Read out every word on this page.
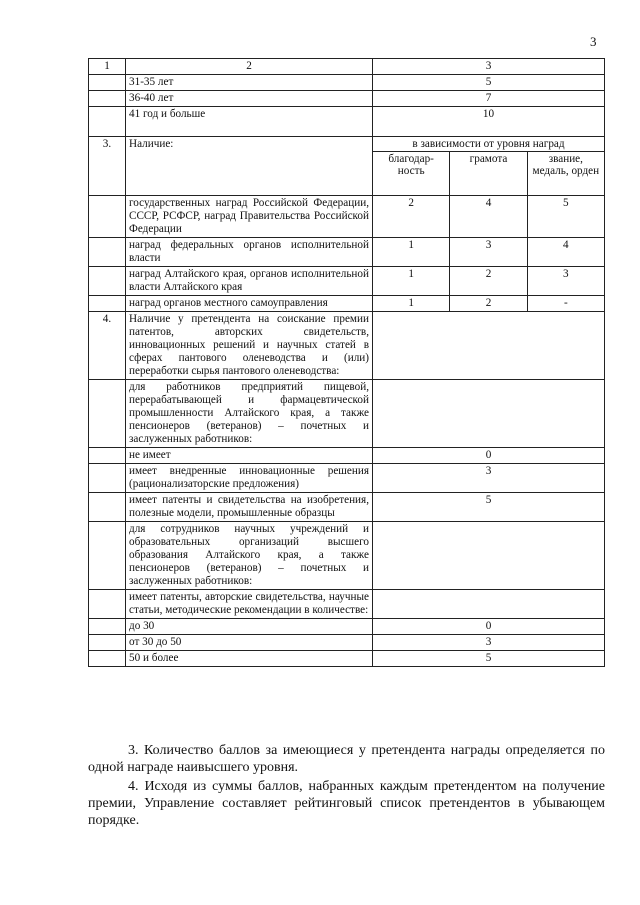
3
1	2	3		
	31-35 лет	5		
	36-40 лет	7		
	41 год и больше	10		
3.	Наличие:	в зависимости от уровня наград		
		благодар-ность	грамота	звание, медаль, орден
	государственных наград Российской Федерации, СССР, РСФСР, наград Правительства Российской Федерации	2	4	5
	наград федеральных органов исполнительной власти	1	3	4
	наград Алтайского края, органов исполнительной власти Алтайского края	1	2	3
	наград органов местного самоуправления	1	2	-
4.	Наличие у претендента на соискание премии патентов, авторских свидетельств, инновационных решений и научных статей в сферах пантового оленеводства и (или) переработки сырья пантового оленеводства:			
	для работников предприятий пищевой, перерабатывающей и фармацевтической промышленности Алтайского края, а также пенсионеров (ветеранов) – почетных и заслуженных работников:			
	не имеет	0		
	имеет внедренные инновационные решения (рационализаторские предложения)	3		
	имеет патенты и свидетельства на изобретения, полезные модели, промышленные образцы	5		
	для сотрудников научных учреждений и образовательных организаций высшего образования Алтайского края, а также пенсионеров (ветеранов) – почетных и заслуженных работников:			
	имеет патенты, авторские свидетельства, научные статьи, методические рекомендации в количестве:			
	до 30	0		
	от 30 до 50	3		
	50 и более	5		

3. Количество баллов за имеющиеся у претендента награды определяется по одной награде наивысшего уровня.

4. Исходя из суммы баллов, набранных каждым претендентом на получение премии, Управление составляет рейтинговый список претендентов в убывающем порядке.
